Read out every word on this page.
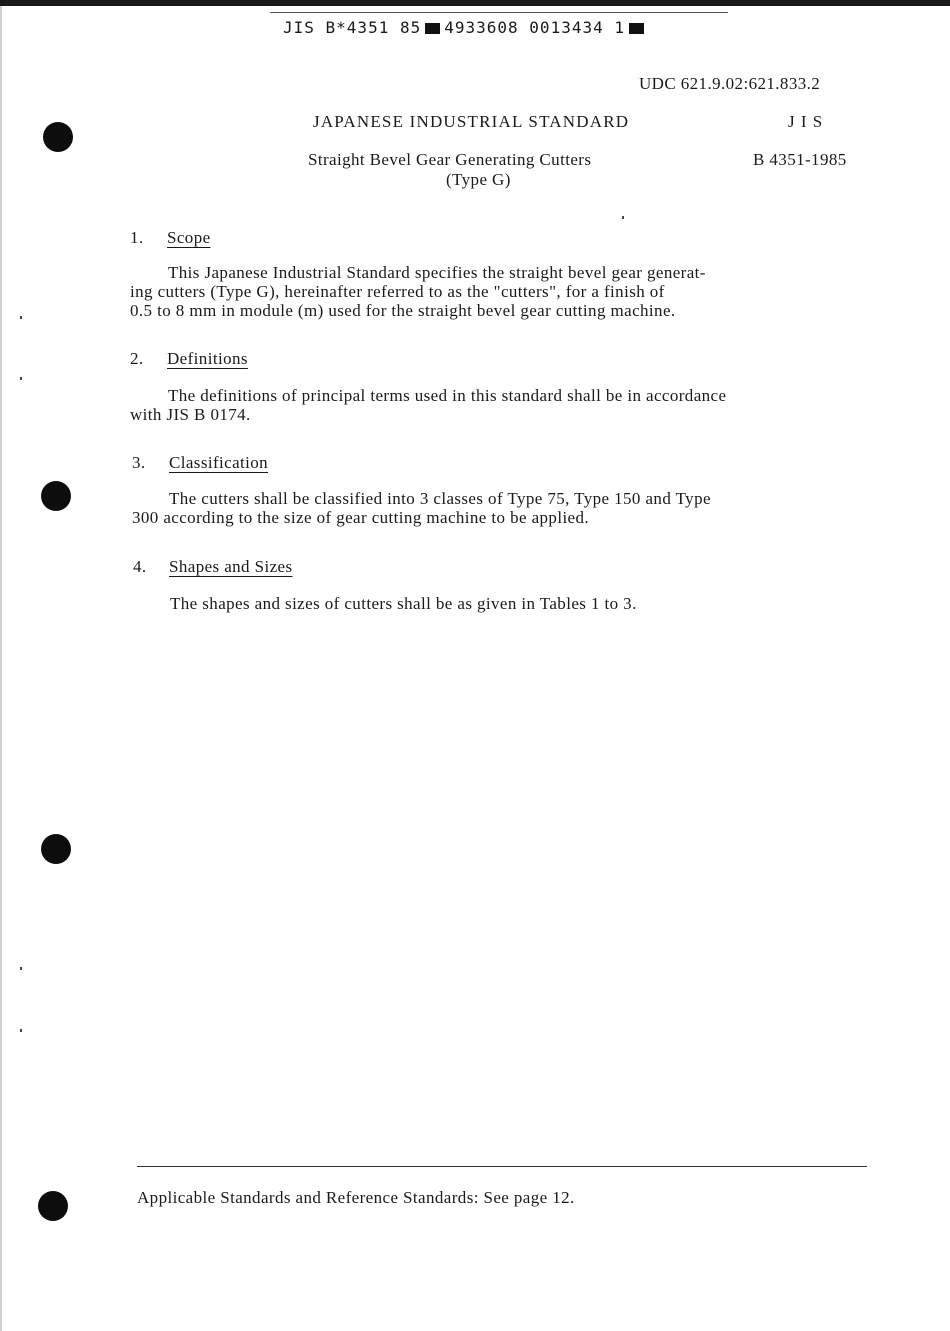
JIS B*4351 85 4933608 0013434 1
UDC 621.9.02:621.833.2
JAPANESE INDUSTRIAL STANDARD	J I S
Straight Bevel Gear Generating Cutters
(Type G)
B 4351-1985
1. Scope
This Japanese Industrial Standard specifies the straight bevel gear generat-
ing cutters (Type G), hereinafter referred to as the "cutters", for a finish of
0.5 to 8 mm in module (m) used for the straight bevel gear cutting machine.
2. Definitions
The definitions of principal terms used in this standard shall be in accordance
with JIS B 0174.
3. Classification
The cutters shall be classified into 3 classes of Type 75, Type 150 and Type
300 according to the size of gear cutting machine to be applied.
4. Shapes and Sizes
The shapes and sizes of cutters shall be as given in Tables 1 to 3.
Applicable Standards and Reference Standards: See page 12.
